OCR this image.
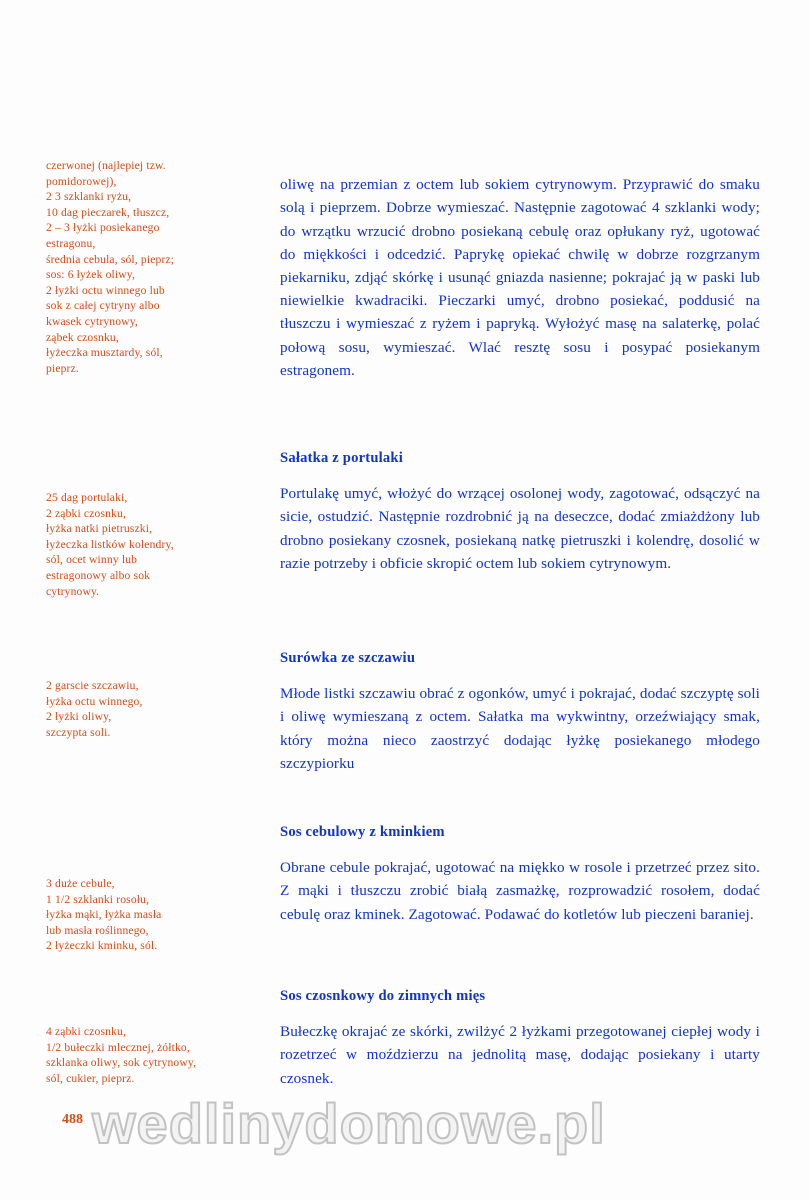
czerwonej (najlepiej tzw.
pomidorowej),
2 3 szklanki ryżu,
10 dag pieczarek, tłuszcz,
2 – 3 łyżki posiekanego
estragonu,
średnia cebula, sól, pieprz;
sos: 6 łyżek oliwy,
2 łyżki octu winnego lub
sok z całej cytryny albo
kwasek cytrynowy,
ząbek czosnku,
łyżeczka musztardy, sól,
pieprz.
25 dag portulaki,
2 ząbki czosnku,
łyżka natki pietruszki,
łyżeczka listków kolendry,
sól, ocet winny lub
estragonowy albo sok
cytrynowy.
2 garscie szczawiu,
łyżka octu winnego,
2 łyżki oliwy,
szczypta soli.
3 duże cebule,
1 1/2 szklanki rosołu,
łyżka mąki, łyżka masła
lub masła roślinnego,
2 łyżeczki kminku, sól.
4 ząbki czosnku,
1/2 bułeczki mlecznej, żółtko,
szklanka oliwy, sok cytrynowy,
sól, cukier, pieprz.

oliwę na przemian z octem lub sokiem cytrynowym. Przyprawić do smaku solą i pieprzem. Dobrze wymieszać. Następnie zagotować 4 szklanki wody; do wrzątku wrzucić drobno posiekaną cebulę oraz opłukany ryż, ugotować do miękkości i odcedzić. Paprykę opiekać chwilę w dobrze rozgrzanym piekarniku, zdjąć skórkę i usunąć gniazda nasienne; pokrajać ją w paski lub niewielkie kwadraciki. Pieczarki umyć, drobno posiekać, poddusić na tłuszczu i wymieszać z ryżem i papryką. Wyłożyć masę na salaterkę, polać połową sosu, wymieszać. Wlać resztę sosu i posypać posiekanym estragonem.

Sałatka z portulaki

Portulakę umyć, włożyć do wrzącej osolonej wody, zagotować, odsączyć na sicie, ostudzić. Następnie rozdrobnić ją na deseczce, dodać zmiażdżony lub drobno posiekany czosnek, posiekaną natkę pietruszki i kolendrę, dosolić w razie potrzeby i obficie skropić octem lub sokiem cytrynowym.

Surówka ze szczawiu

Młode listki szczawiu obrać z ogonków, umyć i pokrajać, dodać szczyptę soli i oliwę wymieszaną z octem. Sałatka ma wykwintny, orzeźwiający smak, który można nieco zaostrzyć dodając łyżkę posiekanego młodego szczypiorku

Sos cebulowy z kminkiem

Obrane cebule pokrajać, ugotować na miękko w rosole i przetrzeć przez sito. Z mąki i tłuszczu zrobić białą zasmażkę, rozprowadzić rosołem, dodać cebulę oraz kminek. Zagotować. Podawać do kotletów lub pieczeni baraniej.

Sos czosnkowy do zimnych mięs

Bułeczkę okrajać ze skórki, zwilżyć 2 łyżkami przegotowanej ciepłej wody i rozetrzeć w moździerzu na jednolitą masę, dodając posiekany i utarty czosnek.

488 wedlinydomowe.pl
